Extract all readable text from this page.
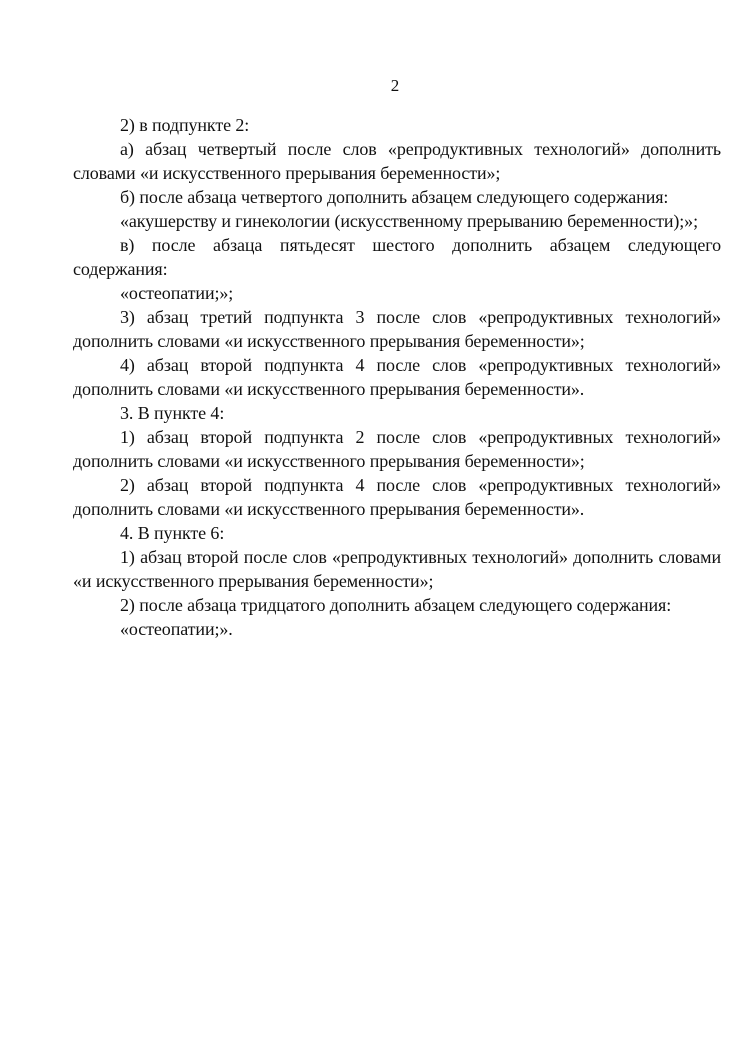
2

2) в подпункте 2:

а) абзац четвертый после слов «репродуктивных технологий» дополнить словами «и искусственного прерывания беременности»;

б) после абзаца четвертого дополнить абзацем следующего содержания:

«акушерству и гинекологии (искусственному прерыванию беременности);»;

в) после абзаца пятьдесят шестого дополнить абзацем следующего содержания:

«остеопатии;»;

3) абзац третий подпункта 3 после слов «репродуктивных технологий» дополнить словами «и искусственного прерывания беременности»;

4) абзац второй подпункта 4 после слов «репродуктивных технологий» дополнить словами «и искусственного прерывания беременности».

3. В пункте 4:

1) абзац второй подпункта 2 после слов «репродуктивных технологий» дополнить словами «и искусственного прерывания беременности»;

2) абзац второй подпункта 4 после слов «репродуктивных технологий» дополнить словами «и искусственного прерывания беременности».

4. В пункте 6:

1) абзац второй после слов «репродуктивных технологий» дополнить словами «и искусственного прерывания беременности»;

2) после абзаца тридцатого дополнить абзацем следующего содержания:

«остеопатии;».
